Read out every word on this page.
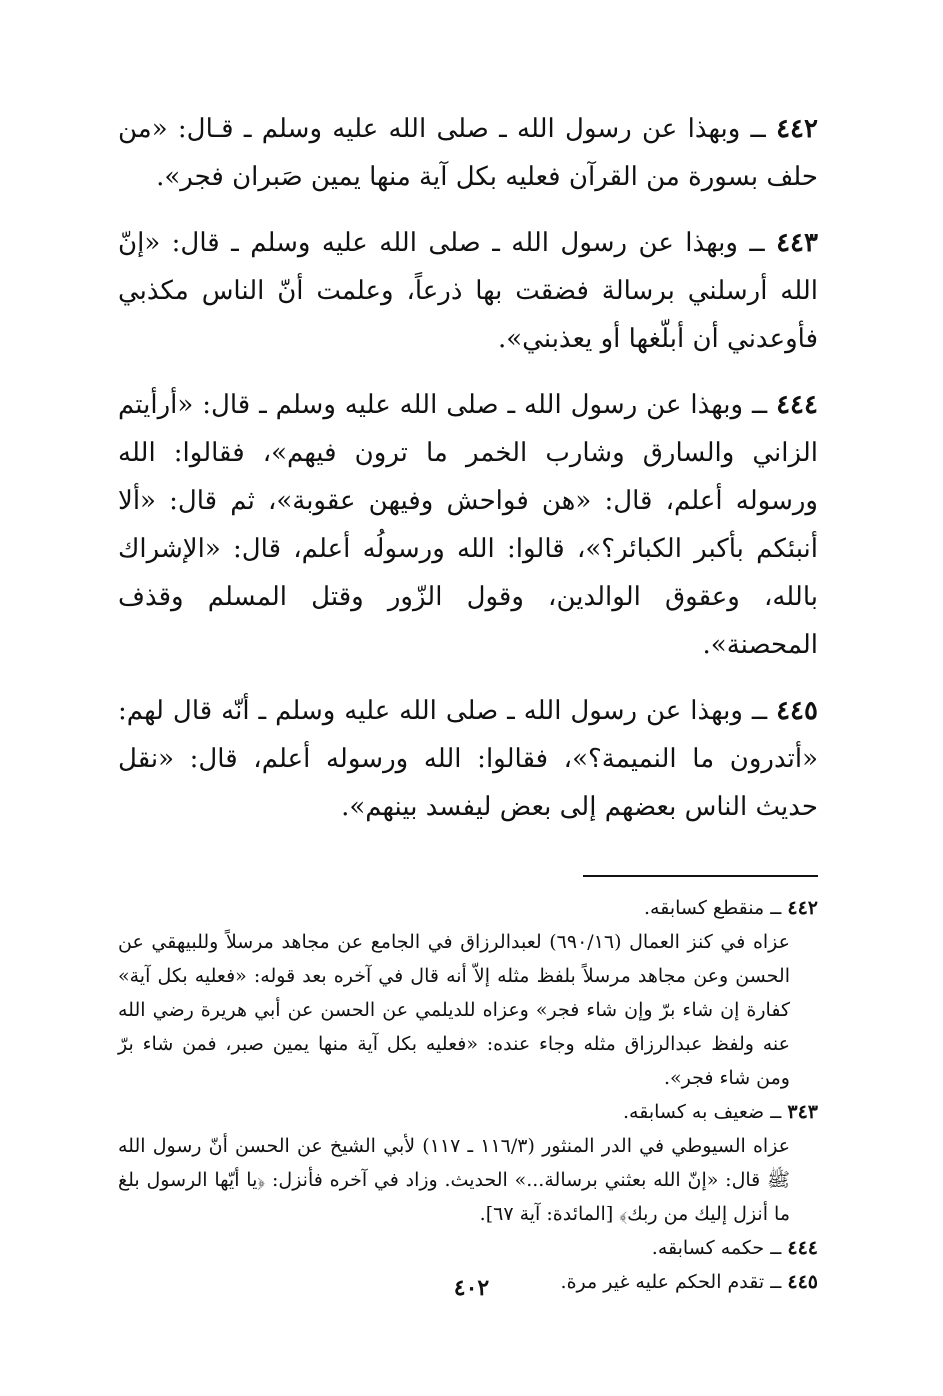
٤٤٢ ــ وبهذا عن رسول الله ـ صلى الله عليه وسلم ـ قـال: «من حلف بسورة من القرآن فعليه بكل آية منها يمين صَبران فجر».

٤٤٣ ــ وبهذا عن رسول الله ـ صلى الله عليه وسلم ـ قال: «إنّ الله أرسلني برسالة فضقت بها ذرعاً، وعلمت أنّ الناس مكذبي فأوعدني أن أبلّغها أو يعذبني».

٤٤٤ ــ وبهذا عن رسول الله ـ صلى الله عليه وسلم ـ قال: «أرأيتم الزاني والسارق وشارب الخمر ما ترون فيهم»، فقالوا: الله ورسوله أعلم، قال: «هن فواحش وفيهن عقوبة»، ثم قال: «ألا أنبئكم بأكبر الكبائر؟»، قالوا: الله ورسولُه أعلم، قال: «الإشراك بالله، وعقوق الوالدين، وقول الزّور وقتل المسلم وقذف المحصنة».

٤٤٥ ــ وبهذا عن رسول الله ـ صلى الله عليه وسلم ـ أنّه قال لهم: «أتدرون ما النميمة؟»، فقالوا: الله ورسوله أعلم، قال: «نقل حديث الناس بعضهم إلى بعض ليفسد بينهم».

٤٤٢ ــ منقطع كسابقه.

عزاه في كنز العمال (٦٩٠/١٦) لعبدالرزاق في الجامع عن مجاهد مرسلاً وللبيهقي عن الحسن وعن مجاهد مرسلاً بلفظ مثله إلاّ أنه قال في آخره بعد قوله: «فعليه بكل آية» كفارة إن شاء برّ وإن شاء فجر» وعزاه للديلمي عن الحسن عن أبي هريرة رضي الله عنه ولفظ عبدالرزاق مثله وجاء عنده: «فعليه بكل آية منها يمين صبر، فمن شاء برّ ومن شاء فجر».

٣٤٣ ــ ضعيف به كسابقه.

عزاه السيوطي في الدر المنثور (١١٦/٣ ـ ١١٧) لأبي الشيخ عن الحسن أنّ رسول الله ﷺ قال: «إنّ الله بعثني برسالة...» الحديث. وزاد في آخره فأنزل: ﴿يا أيّها الرسول بلغ ما أنزل إليك من ربك﴾ [المائدة: آية ٦٧].

٤٤٤ ــ حكمه كسابقه.

٤٤٥ ــ تقدم الحكم عليه غير مرة.

٤٠٢
